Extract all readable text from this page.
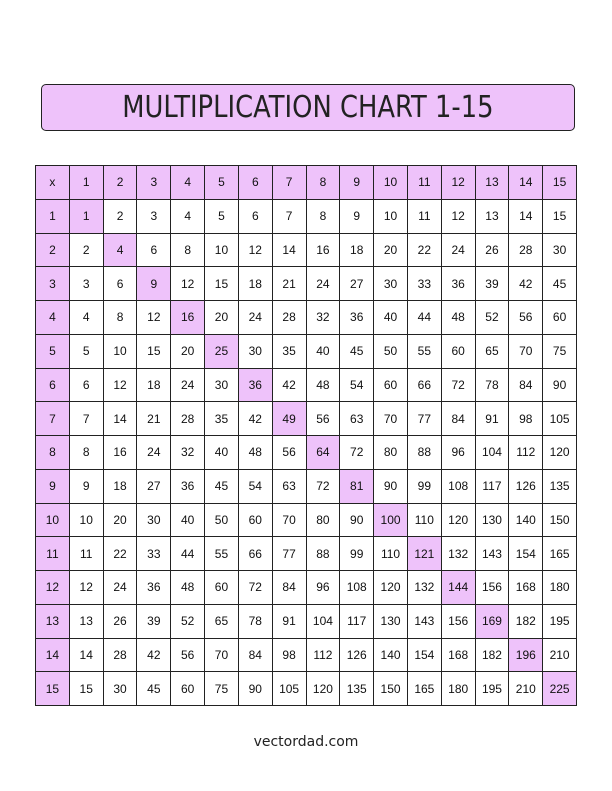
MULTIPLICATION CHART 1-15
x	1	2	3	4	5	6	7	8	9	10	11	12	13	14	15
1	1	2	3	4	5	6	7	8	9	10	11	12	13	14	15
2	2	4	6	8	10	12	14	16	18	20	22	24	26	28	30
3	3	6	9	12	15	18	21	24	27	30	33	36	39	42	45
4	4	8	12	16	20	24	28	32	36	40	44	48	52	56	60
5	5	10	15	20	25	30	35	40	45	50	55	60	65	70	75
6	6	12	18	24	30	36	42	48	54	60	66	72	78	84	90
7	7	14	21	28	35	42	49	56	63	70	77	84	91	98	105
8	8	16	24	32	40	48	56	64	72	80	88	96	104	112	120
9	9	18	27	36	45	54	63	72	81	90	99	108	117	126	135
10	10	20	30	40	50	60	70	80	90	100	110	120	130	140	150
11	11	22	33	44	55	66	77	88	99	110	121	132	143	154	165
12	12	24	36	48	60	72	84	96	108	120	132	144	156	168	180
13	13	26	39	52	65	78	91	104	117	130	143	156	169	182	195
14	14	28	42	56	70	84	98	112	126	140	154	168	182	196	210
15	15	30	45	60	75	90	105	120	135	150	165	180	195	210	225
vectordad.com
